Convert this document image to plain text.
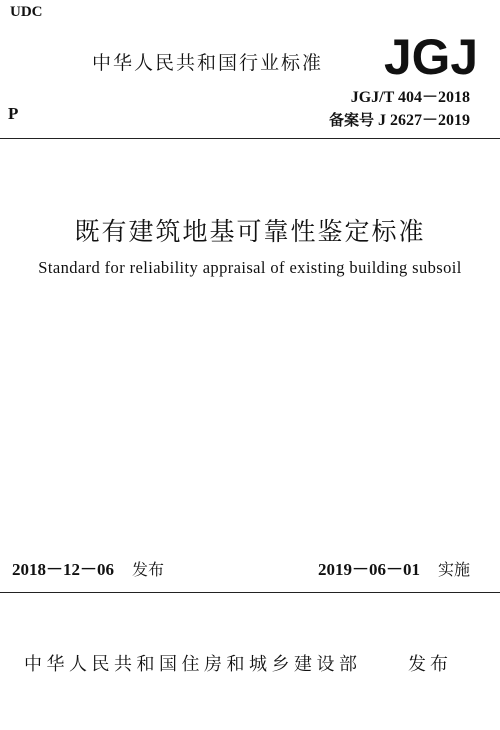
UDC
中华人民共和国行业标准 JGJ
P
JGJ/T 404－2018
备案号 J 2627－2019
既有建筑地基可靠性鉴定标准
Standard for reliability appraisal of existing building subsoil
2018－12－06 发布	2019－06－01 实施
中华人民共和国住房和城乡建设部	发布
